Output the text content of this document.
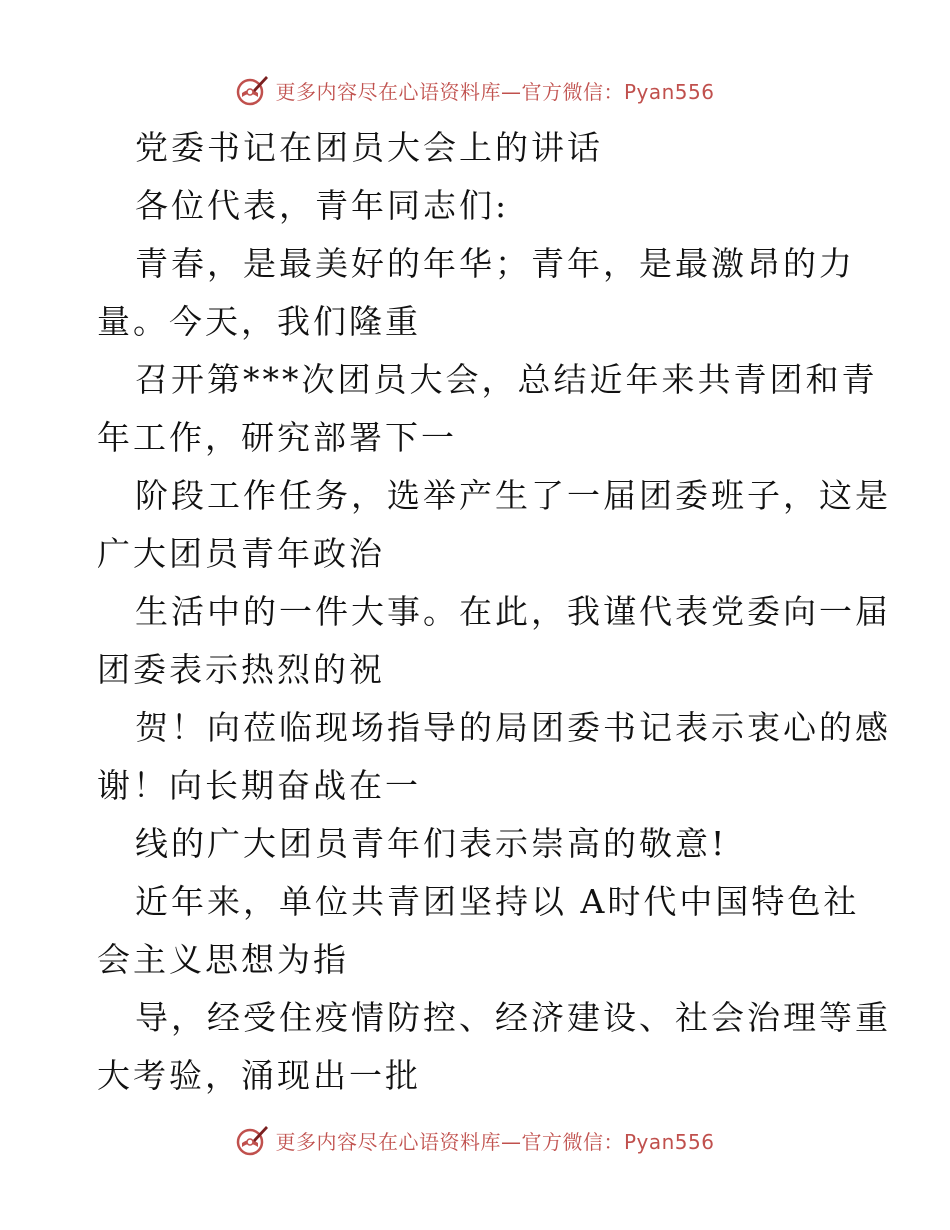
更多内容尽在心语资料库—官方微信：Pyan556
党委书记在团员大会上的讲话
各位代表，青年同志们:
青春，是最美好的年华；青年，是最激昂的力
量。今天，我们隆重
召开第***次团员大会，总结近年来共青团和青
年工作，研究部署下一
阶段工作任务，选举产生了一届团委班子，这是
广大团员青年政治
生活中的一件大事。在此，我谨代表党委向一届
团委表示热烈的祝
贺！向莅临现场指导的局团委书记表示衷心的感
谢！向长期奋战在一
线的广大团员青年们表示崇高的敬意!
近年来，单位共青团坚持以 A时代中国特色社
会主义思想为指
导，经受住疫情防控、经济建设、社会治理等重
大考验，涌现出一批
更多内容尽在心语资料库—官方微信：Pyan556
